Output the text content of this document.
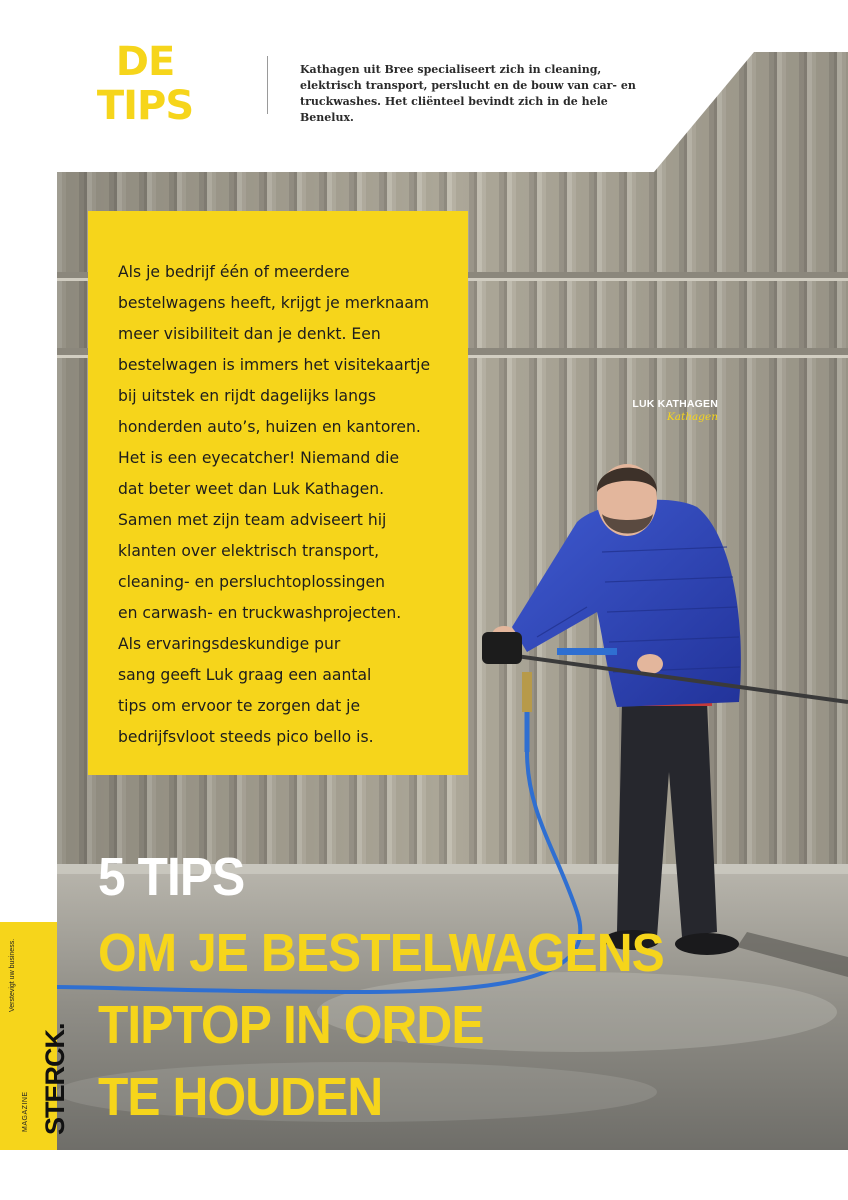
DE
TIPS
Kathagen uit Bree specialiseert zich in cleaning, elektrisch transport, perslucht en de bouw van car- en truckwashes. Het cliënteel bevindt zich in de hele Benelux.

Als je bedrijf één of meerdere
bestelwagens heeft, krijgt je merknaam
meer visibiliteit dan je denkt. Een
bestelwagen is immers het visitekaartje
bij uitstek en rijdt dagelijks langs
honderden auto’s, huizen en kantoren.
Het is een eyecatcher! Niemand die
dat beter weet dan Luk Kathagen.
Samen met zijn team adviseert hij
klanten over elektrisch transport,
cleaning- en persluchtoplossingen
en carwash- en truckwashprojecten.
Als ervaringsdeskundige pur
sang geeft Luk graag een aantal
tips om ervoor te zorgen dat je
bedrijfsvloot steeds pico bello is.

LUK KATHAGEN
Kathagen
5 TIPS
OM JE BESTELWAGENS
TIPTOP IN ORDE
TE HOUDEN
STERCK.
MAGAZINE
Verstevigt uw business.
